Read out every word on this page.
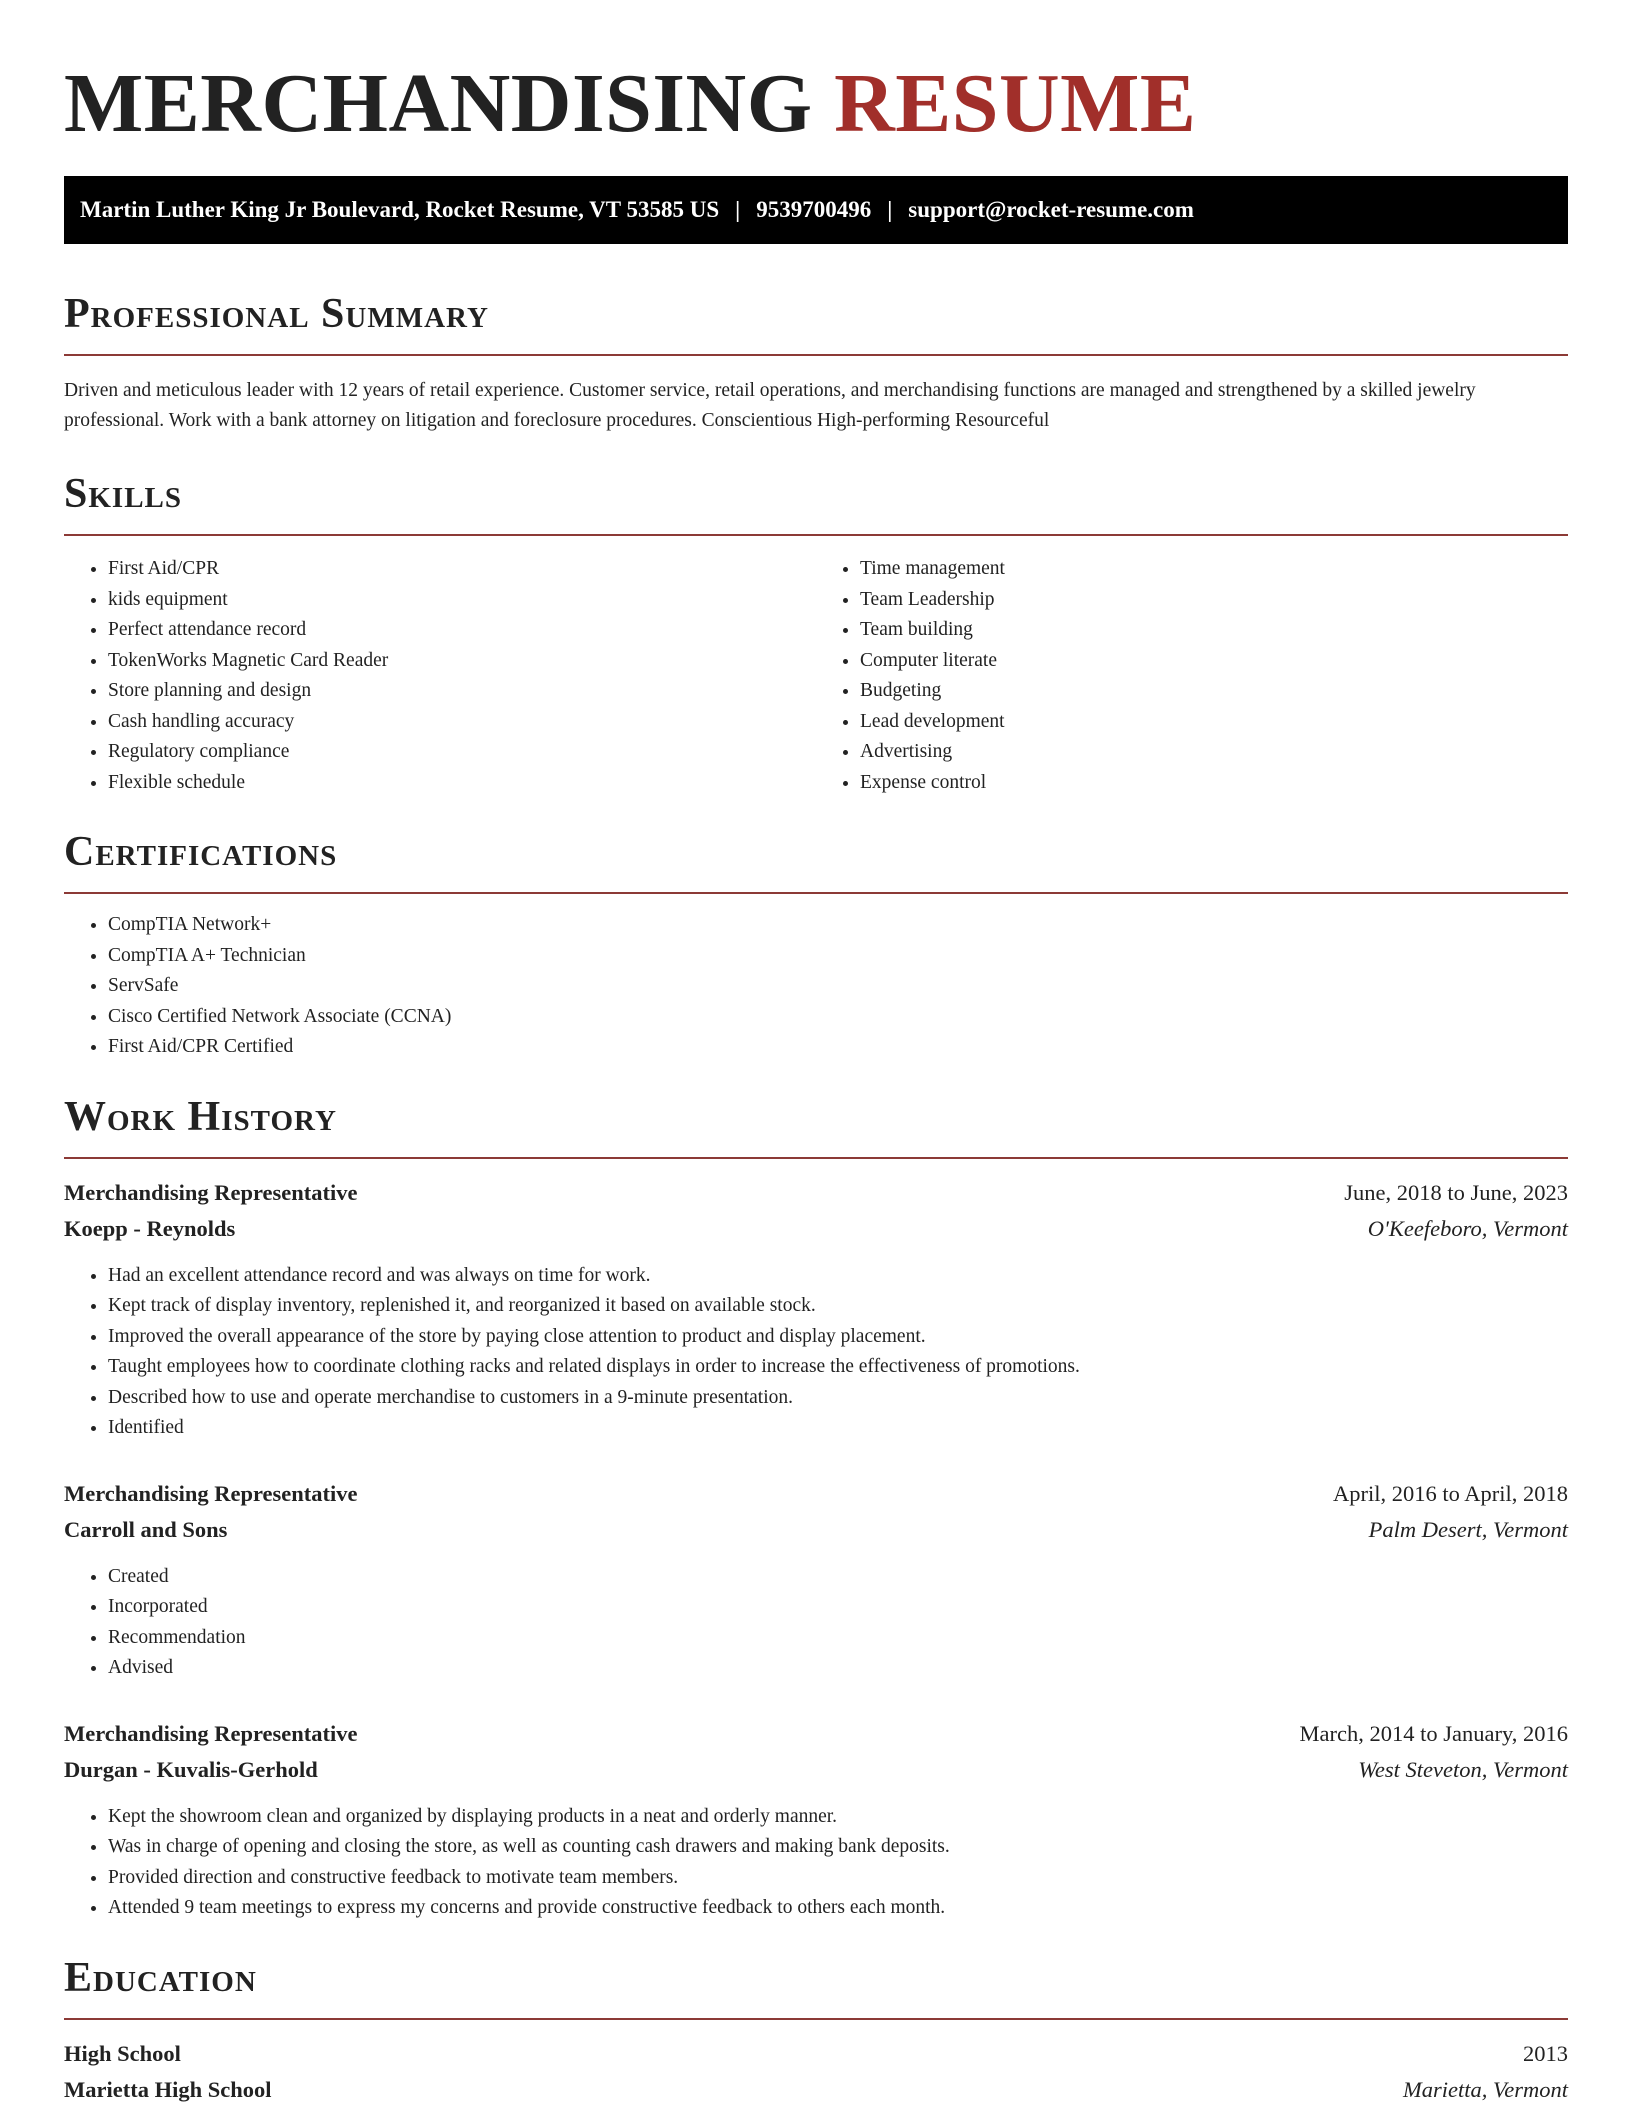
MERCHANDISING RESUME
Martin Luther King Jr Boulevard, Rocket Resume, VT 53585 US | 9539700496 | support@rocket-resume.com
Professional Summary
Driven and meticulous leader with 12 years of retail experience. Customer service, retail operations, and merchandising functions are managed and strengthened by a skilled jewelry professional. Work with a bank attorney on litigation and foreclosure procedures. Conscientious High-performing Resourceful
Skills
• First Aid/CPR
• kids equipment
• Perfect attendance record
• TokenWorks Magnetic Card Reader
• Store planning and design
• Cash handling accuracy
• Regulatory compliance
• Flexible schedule
• Time management
• Team Leadership
• Team building
• Computer literate
• Budgeting
• Lead development
• Advertising
• Expense control
Certifications
• CompTIA Network+
• CompTIA A+ Technician
• ServSafe
• Cisco Certified Network Associate (CCNA)
• First Aid/CPR Certified
Work History
Merchandising Representative	June, 2018 to June, 2023
Koepp - Reynolds	O'Keefeboro, Vermont
• Had an excellent attendance record and was always on time for work.
• Kept track of display inventory, replenished it, and reorganized it based on available stock.
• Improved the overall appearance of the store by paying close attention to product and display placement.
• Taught employees how to coordinate clothing racks and related displays in order to increase the effectiveness of promotions.
• Described how to use and operate merchandise to customers in a 9-minute presentation.
• Identified
Merchandising Representative	April, 2016 to April, 2018
Carroll and Sons	Palm Desert, Vermont
• Created
• Incorporated
• Recommendation
• Advised
Merchandising Representative	March, 2014 to January, 2016
Durgan - Kuvalis-Gerhold	West Steveton, Vermont
• Kept the showroom clean and organized by displaying products in a neat and orderly manner.
• Was in charge of opening and closing the store, as well as counting cash drawers and making bank deposits.
• Provided direction and constructive feedback to motivate team members.
• Attended 9 team meetings to express my concerns and provide constructive feedback to others each month.
Education
High School	2013
Marietta High School	Marietta, Vermont
